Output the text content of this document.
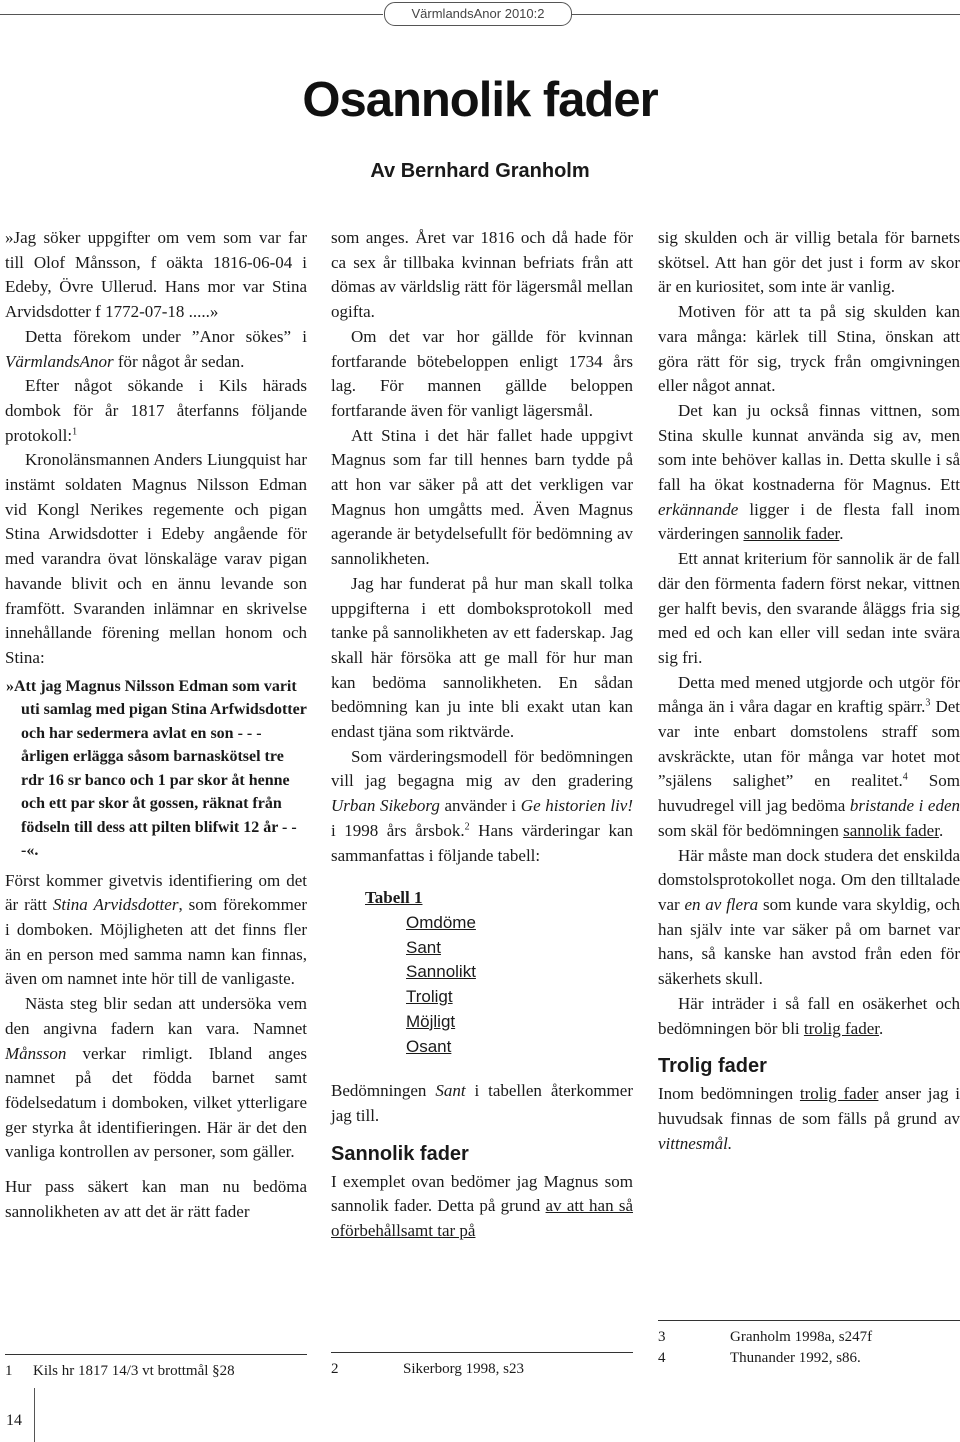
VärmlandsAnor 2010:2
Osannolik fader
Av Bernhard Granholm

»Jag söker uppgifter om vem som var far till Olof Månsson, f oäkta 1816-06-04 i Edeby, Övre Ullerud. Hans mor var Stina Arvidsdotter f 1772-07-18 .....»

Detta förekom under ”Anor sökes” i VärmlandsAnor för något år sedan.

Efter något sökande i Kils härads dombok för år 1817 återfanns följande protokoll:$^1$

Kronolänsmannen Anders Liungquist har instämt soldaten Magnus Nilsson Edman vid Kongl Nerikes regemente och pigan Stina Arwidsdotter i Edeby angående för med varandra övat lönskaläge varav pigan havande blivit och en ännu levande son framfött. Svaranden inlämnar en skrivelse innehållande förening mellan honom och Stina:

»Att jag Magnus Nilsson Edman som varit uti samlag med pigan Stina Arfwidsdotter och har sedermera avlat en son - - - årligen erlägga såsom barnaskötsel tre rdr 16 sr banco och 1 par skor åt henne och ett par skor åt gossen, räknat från födseln till dess att pilten blifwit 12 år - - -«.

Först kommer givetvis identifiering om det är rätt Stina Arvidsdotter, som förekommer i domboken. Möjligheten att det finns fler än en person med samma namn kan finnas, även om namnet inte hör till de vanligaste.

Nästa steg blir sedan att undersöka vem den angivna fadern kan vara. Namnet Månsson verkar rimligt. Ibland anges namnet på det födda barnet samt födelsedatum i domboken, vilket ytterligare ger styrka åt identifieringen. Här är det den vanliga kontrollen av personer, som gäller.

Hur pass säkert kan man nu bedöma sannolikheten av att det är rätt fader

som anges. Året var 1816 och då hade för ca sex år tillbaka kvinnan befriats från att dömas av världslig rätt för lägersmål mellan ogifta.

Om det var hor gällde för kvinnan fortfarande bötebeloppen enligt 1734 års lag. För mannen gällde beloppen fortfarande även för vanligt lägersmål.

Att Stina i det här fallet hade uppgivt Magnus som far till hennes barn tydde på att hon var säker på att det verkligen var Magnus hon umgåtts med. Även Magnus agerande är betydelsefullt för bedömning av sannolikheten.

Jag har funderat på hur man skall tolka uppgifterna i ett domboksprotokoll med tanke på sannolikheten av ett faderskap. Jag skall här försöka att ge mall för hur man kan bedöma sannolikheten. En sådan bedömning kan ju inte bli exakt utan kan endast tjäna som riktvärde.

Som värderingsmodell för bedömningen vill jag begagna mig av den gradering Urban Sikeborg använder i Ge historien liv! i 1998 års årsbok.$^2$ Hans värderingar kan sammanfattas i följande tabell:

Tabell 1
Omdöme
Sant
Sannolikt
Troligt
Möjligt
Osant

Bedömningen Sant i tabellen återkommer jag till.

Sannolik fader

I exemplet ovan bedömer jag Magnus som sannolik fader. Detta på grund av att han så oförbehållsamt tar på

sig skulden och är villig betala för barnets skötsel. Att han gör det just i form av skor är en kuriositet, som inte är vanlig.

Motiven för att ta på sig skulden kan vara många: kärlek till Stina, önskan att göra rätt för sig, tryck från omgivningen eller något annat.

Det kan ju också finnas vittnen, som Stina skulle kunnat använda sig av, men som inte behöver kallas in. Detta skulle i så fall ha ökat kostnaderna för Magnus. Ett erkännande ligger i de flesta fall inom värderingen sannolik fader.

Ett annat kriterium för sannolik är de fall där den förmenta fadern först nekar, vittnen ger halft bevis, den svarande åläggs fria sig med ed och kan eller vill sedan inte svära sig fri.

Detta med mened utgjorde och utgör för många än i våra dagar en kraftig spärr.$^3$ Det var inte enbart domstolens straff som avskräckte, utan för många var hotet mot ”själens salighet” en realitet.$^4$ Som huvudregel vill jag bedöma bristande i eden som skäl för bedömningen sannolik fader.

Här måste man dock studera det enskilda domstolsprotokollet noga. Om den tilltalade var en av flera som kunde vara skyldig, och han själv inte var säker på om barnet var hans, så kanske han avstod från eden för säkerhets skull.

Här inträder i så fall en osäkerhet och bedömningen bör bli trolig fader.

Trolig fader

Inom bedömningen trolig fader anser jag i huvudsak finnas de som fälls på grund av vittnesmål.

1	Kils hr 1817 14/3 vt brottmål §28	2	Sikerborg 1998, s23
3	Granholm 1998a, s247f
4	Thunander 1992, s86.
14
